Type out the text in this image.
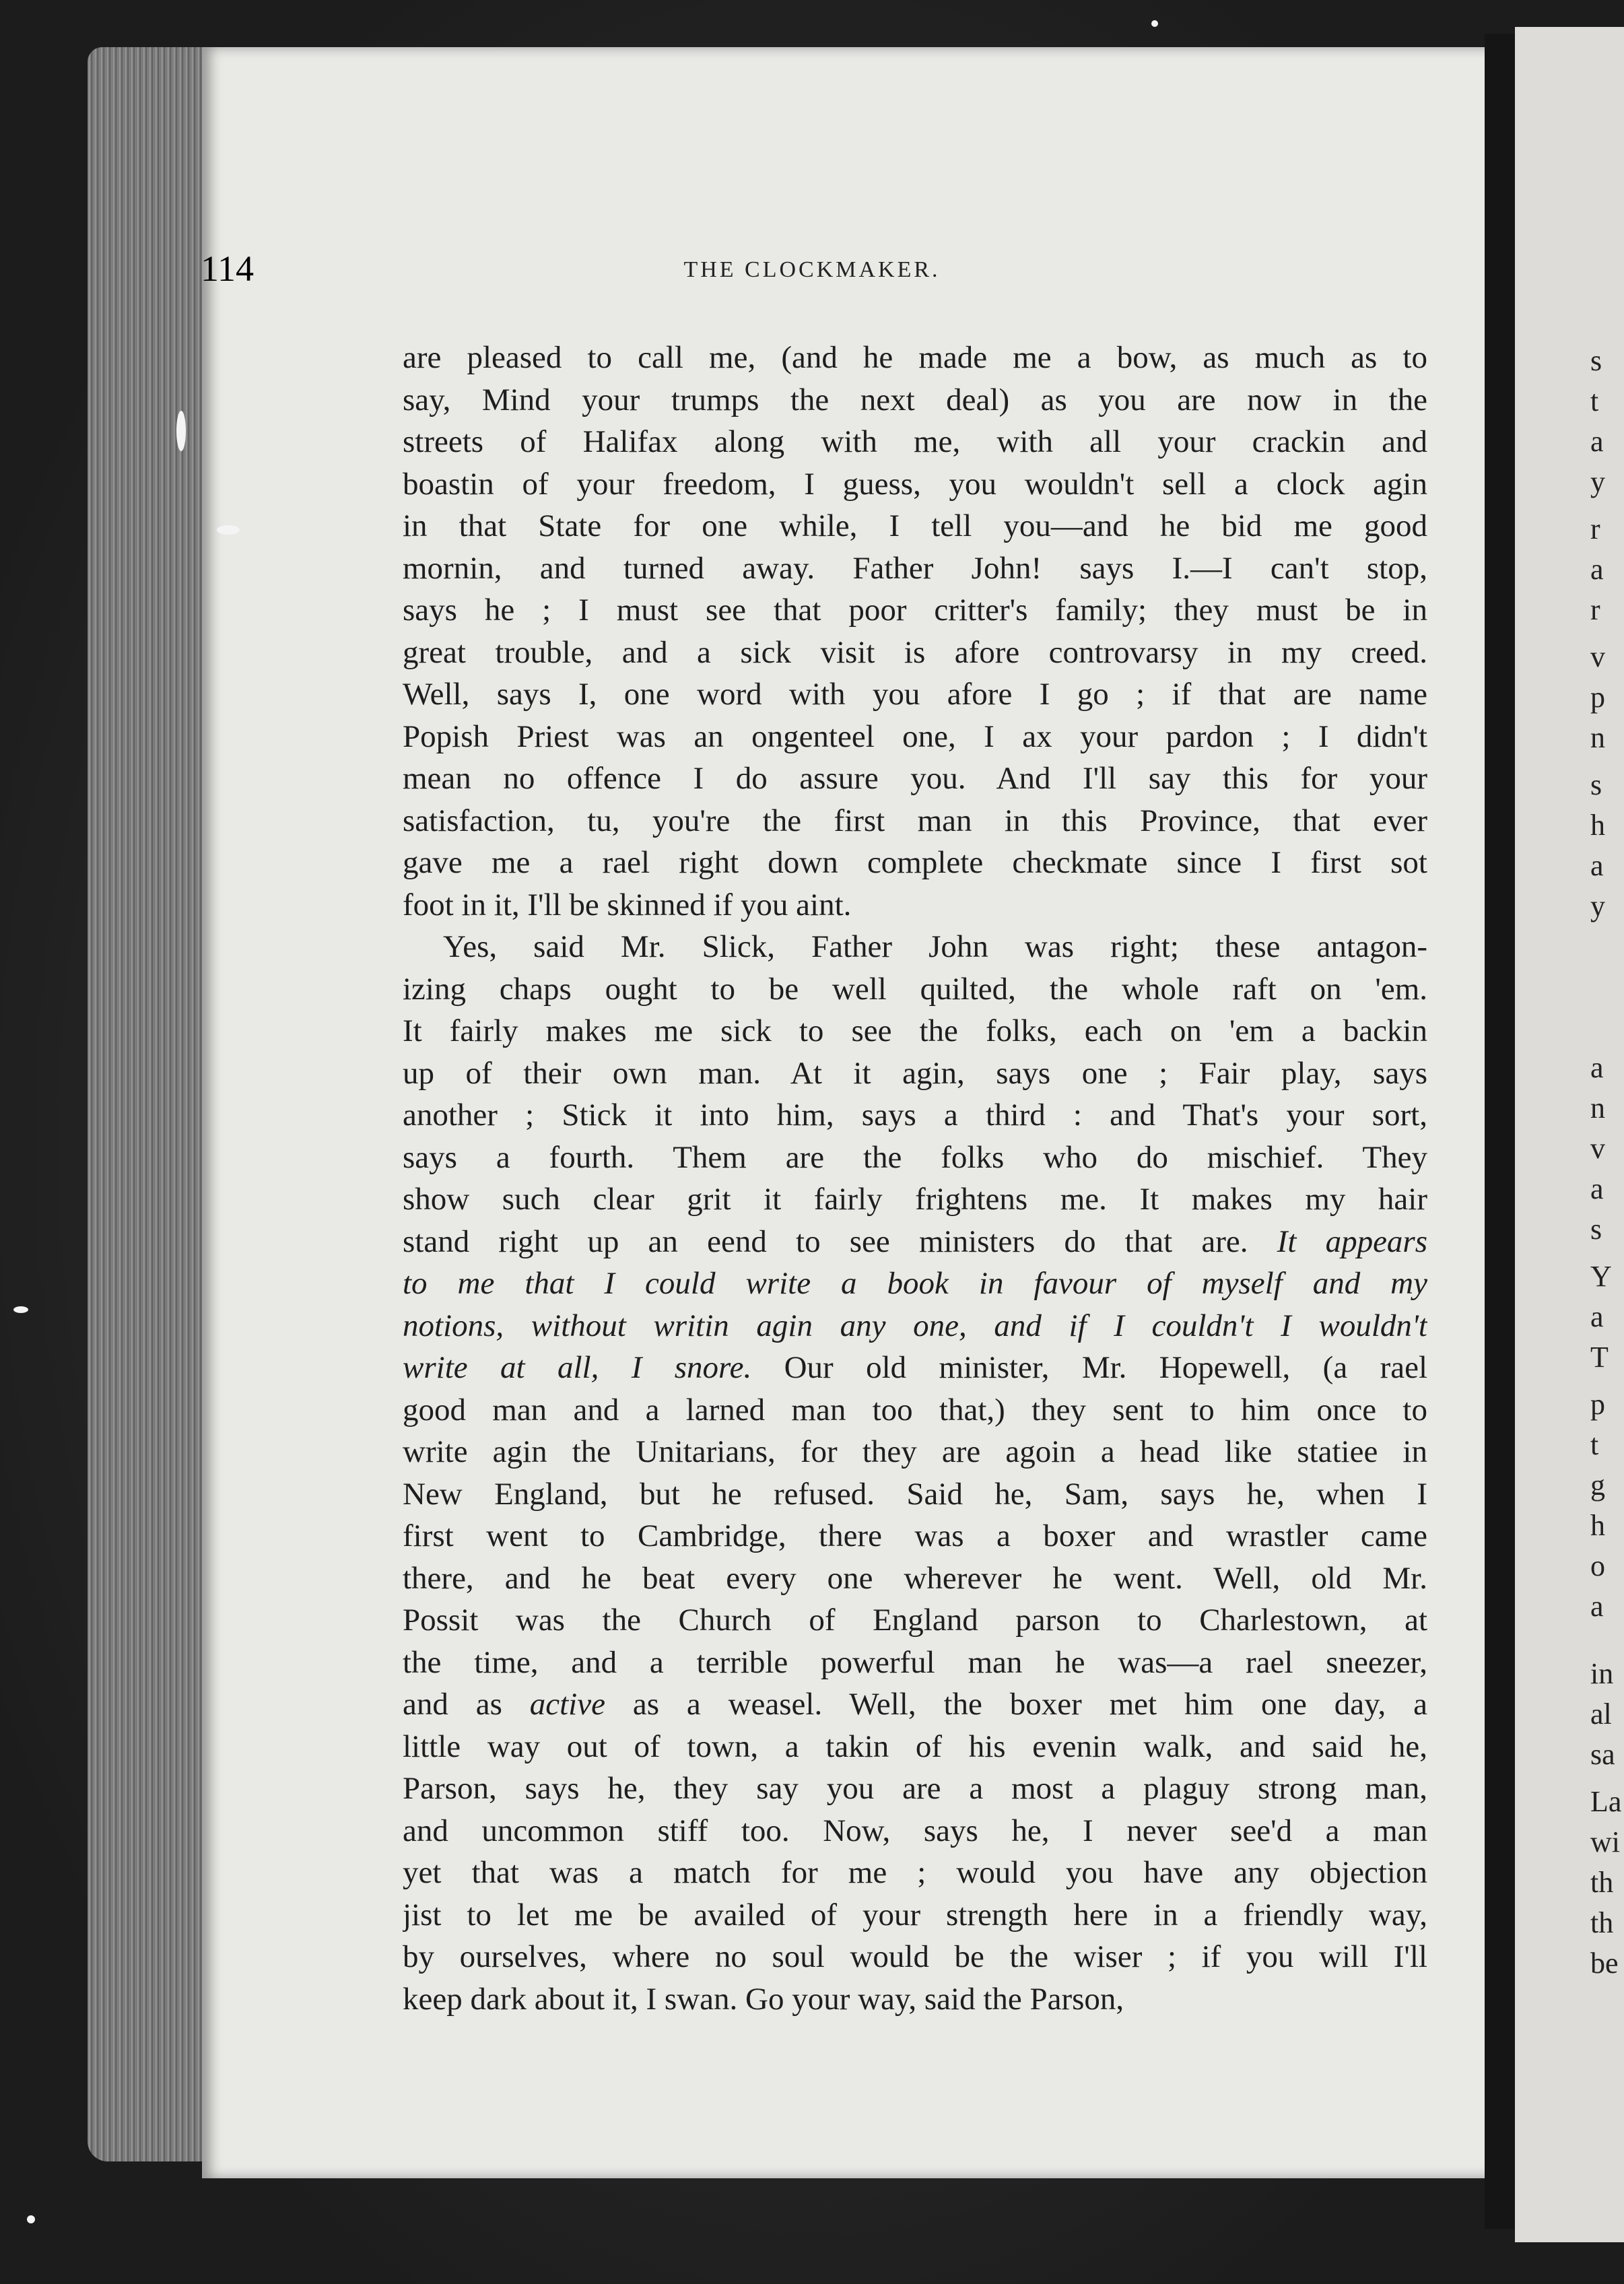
114	THE CLOCKMAKER.
are pleased to call me, (and he made me a bow, as much as to
say, Mind your trumps the next deal) as you are now in the
streets of Halifax along with me, with all your crackin and
boastin of your freedom, I guess, you wouldn't sell a clock agin
in that State for one while, I tell you—and he bid me good
mornin, and turned away. Father John! says I.—I can't stop,
says he ; I must see that poor critter's family; they must be in
great trouble, and a sick visit is afore controvarsy in my creed.
Well, says I, one word with you afore I go ; if that are name
Popish Priest was an ongenteel one, I ax your pardon ; I didn't
mean no offence I do assure you. And I'll say this for your
satisfaction, tu, you're the first man in this Province, that ever
gave me a rael right down complete checkmate since I first sot
foot in it, I'll be skinned if you aint.
Yes, said Mr. Slick, Father John was right; these antagon-
izing chaps ought to be well quilted, the whole raft on 'em.
It fairly makes me sick to see the folks, each on 'em a backin
up of their own man. At it agin, says one ; Fair play, says
another ; Stick it into him, says a third : and That's your sort,
says a fourth. Them are the folks who do mischief. They
show such clear grit it fairly frightens me. It makes my hair
stand right up an eend to see ministers do that are. It appears
to me that I could write a book in favour of myself and my
notions, without writin agin any one, and if I couldn't I wouldn't
write at all, I snore. Our old minister, Mr. Hopewell, (a rael
good man and a larned man too that,) they sent to him once to
write agin the Unitarians, for they are agoin a head like statiee in
New England, but he refused. Said he, Sam, says he, when I
first went to Cambridge, there was a boxer and wrastler came
there, and he beat every one wherever he went. Well, old Mr.
Possit was the Church of England parson to Charlestown, at
the time, and a terrible powerful man he was—a rael sneezer,
and as active as a weasel. Well, the boxer met him one day, a
little way out of town, a takin of his evenin walk, and said he,
Parson, says he, they say you are a most a plaguy strong man,
and uncommon stiff too. Now, says he, I never see'd a man
yet that was a match for me ; would you have any objection
jist to let me be availed of your strength here in a friendly way,
by ourselves, where no soul would be the wiser ; if you will I'll
keep dark about it, I swan. Go your way, said the Parson,
s
t
a
y
r
a
r
v
p
n
s
h
a
y
a
n
v
a
s
Y
a
T
p
t
g
h
o
a
in
al
sa
La
wi
th
th
be
